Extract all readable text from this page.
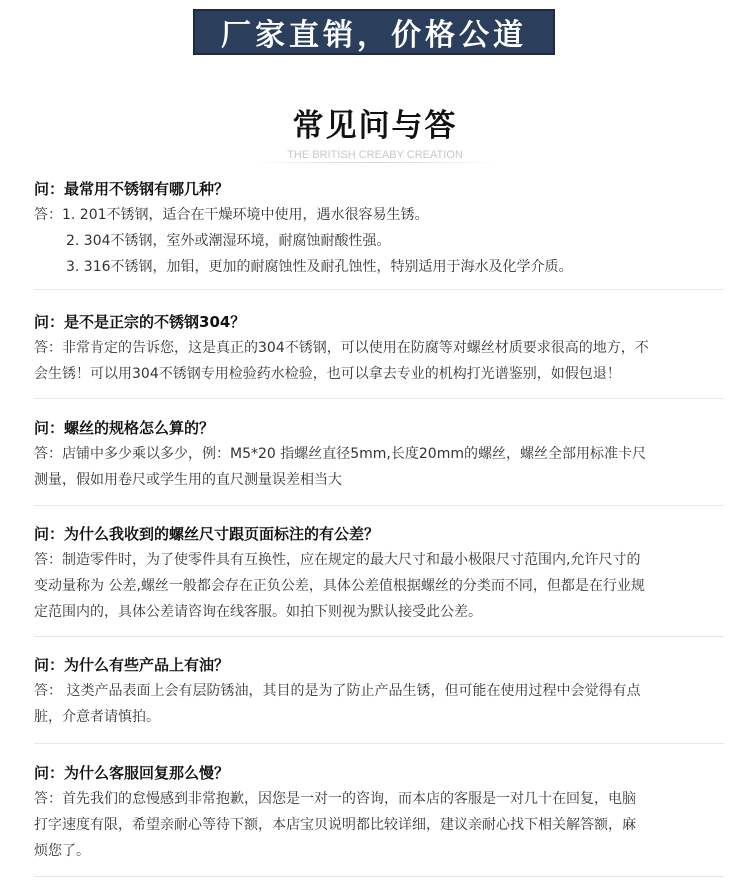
厂家直销，价格公道
常见问与答
THE BRITISH CREABY CREATION
问：最常用不锈钢有哪几种？
答：1. 201不锈钢，适合在干燥环境中使用，遇水很容易生锈。
2. 304不锈钢，室外或潮湿环境，耐腐蚀耐酸性强。
3. 316不锈钢，加钼，更加的耐腐蚀性及耐孔蚀性，特别适用于海水及化学介质。
问：是不是正宗的不锈钢304？
答：非常肯定的告诉您，这是真正的304不锈钢，可以使用在防腐等对螺丝材质要求很高的地方，不
会生锈！可以用304不锈钢专用检验药水检验，也可以拿去专业的机构打光谱鉴别，如假包退！
问：螺丝的规格怎么算的？
答：店铺中多少乘以多少，例：M5*20 指螺丝直径5mm,长度20mm的螺丝，螺丝全部用标准卡尺
测量，假如用卷尺或学生用的直尺测量误差相当大
问：为什么我收到的螺丝尺寸跟页面标注的有公差？
答：制造零件时，为了使零件具有互换性，应在规定的最大尺寸和最小极限尺寸范围内,允许尺寸的
变动量称为 公差,螺丝一般都会存在正负公差，具体公差值根据螺丝的分类而不同，但都是在行业规
定范围内的，具体公差请咨询在线客服。如拍下则视为默认接受此公差。
问：为什么有些产品上有油？
答： 这类产品表面上会有层防锈油，其目的是为了防止产品生锈，但可能在使用过程中会觉得有点
脏，介意者请慎拍。
问：为什么客服回复那么慢？
答：首先我们的怠慢感到非常抱歉，因您是一对一的咨询，而本店的客服是一对几十在回复，电脑
打字速度有限，希望亲耐心等待下额，本店宝贝说明都比较详细，建议亲耐心找下相关解答额，麻
烦您了。
